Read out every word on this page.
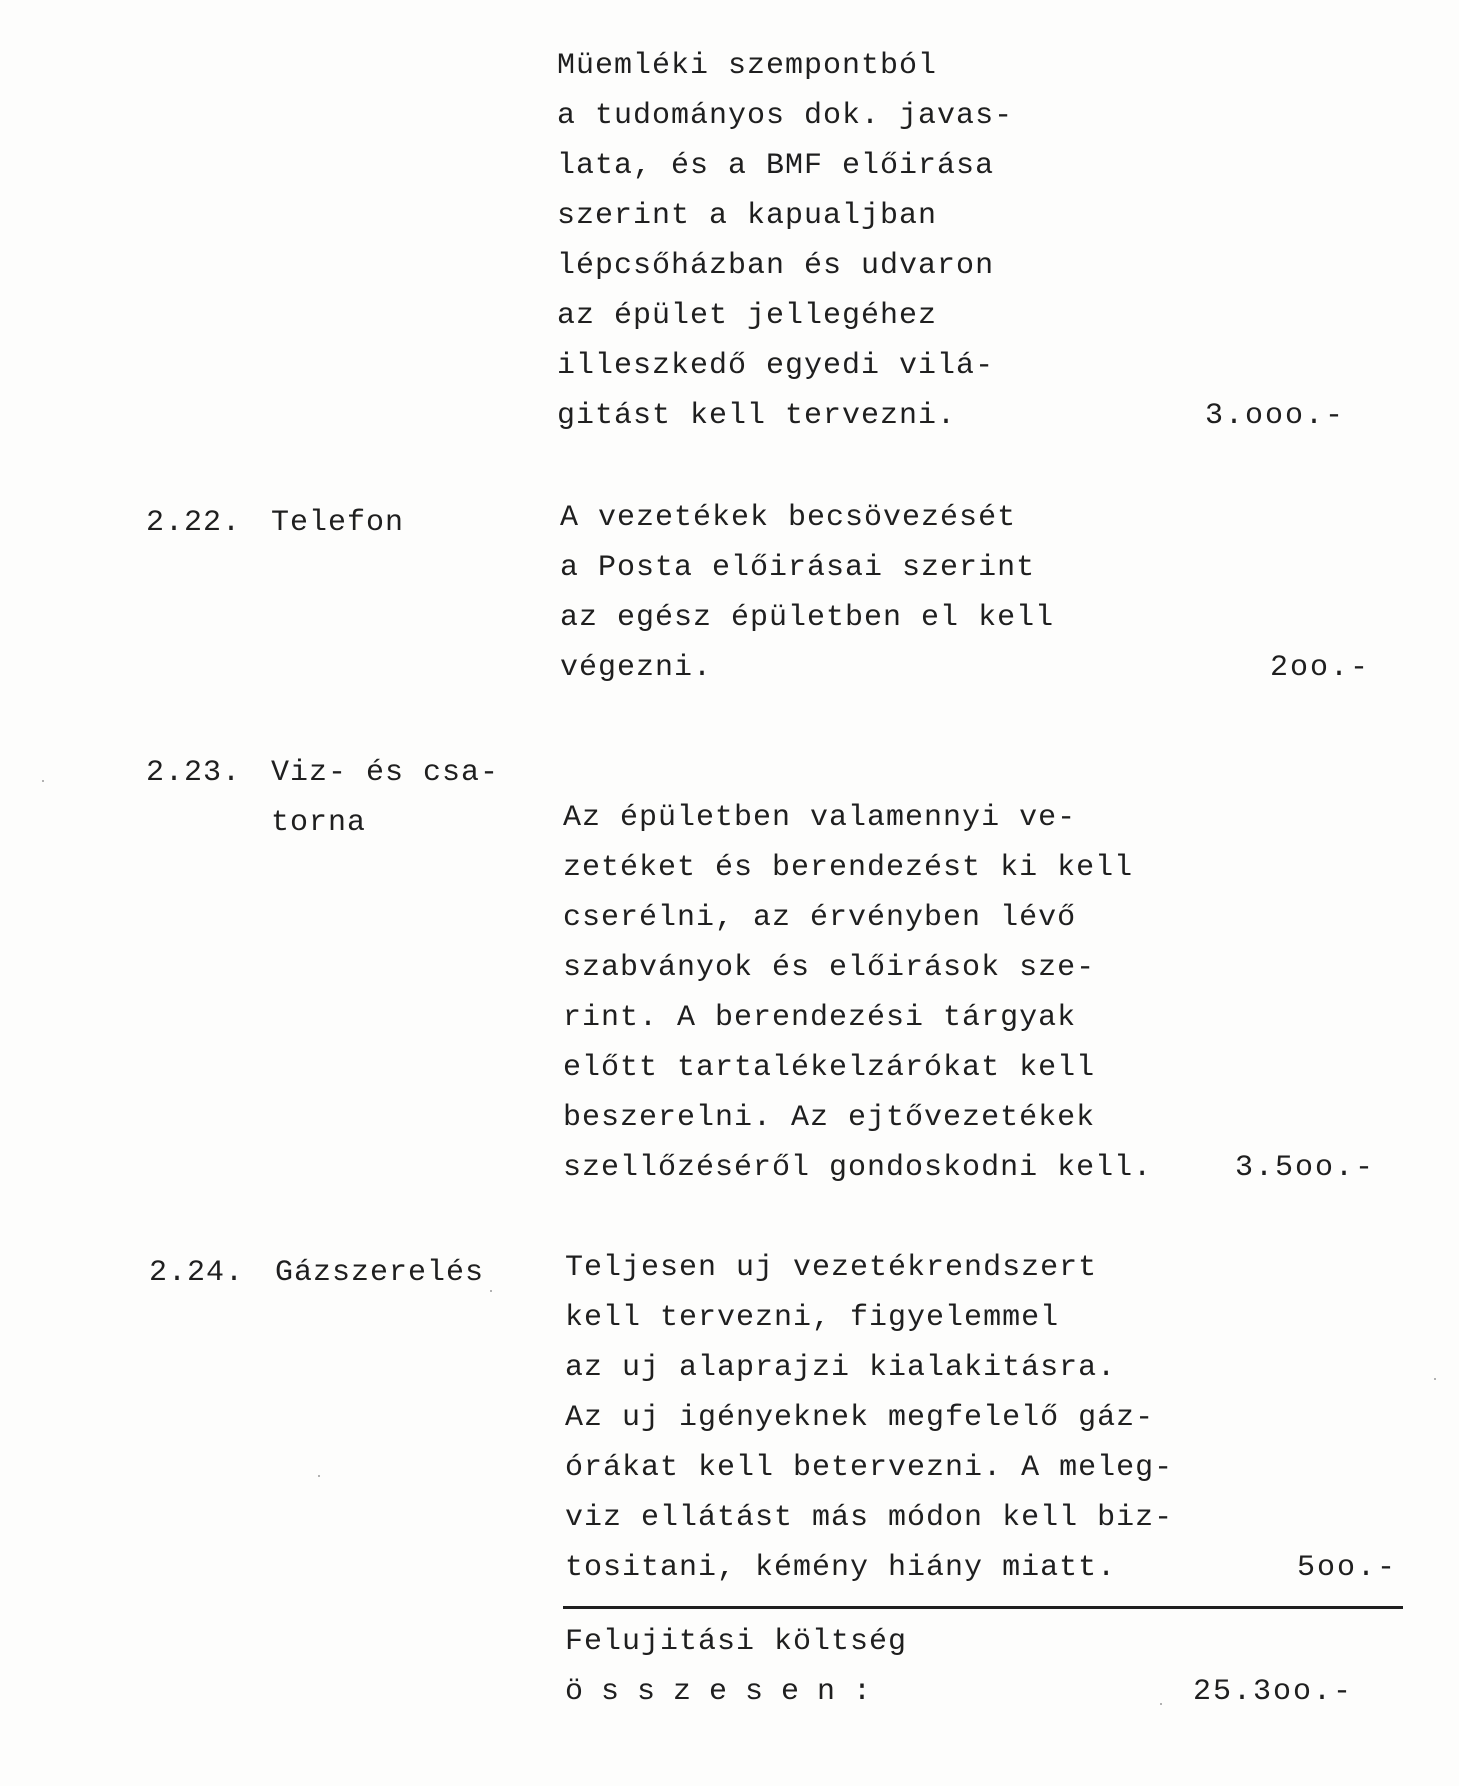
Müemléki szempontból
a tudományos dok. javas-
lata, és a BMF előirása
szerint a kapualjban
lépcsőházban és udvaron
az épület jellegéhez
illeszkedő egyedi vilá-
gitást kell tervezni.	3.ooo.-
2.22. Telefon	A vezetékek becsövezését
a Posta előirásai szerint
az egész épületben el kell
végezni.	2oo.-
2.23. Viz- és csa-
torna	Az épületben valamennyi ve-
zetéket és berendezést ki kell
cserélni, az érvényben lévő
szabványok és előirások sze-
rint. A berendezési tárgyak
előtt tartalékelzárókat kell
beszerelni. Az ejtővezetékek
szellőzéséről gondoskodni kell.	3.5oo.-
2.24. Gázszerelés	Teljesen uj vezetékrendszert
kell tervezni, figyelemmel
az uj alaprajzi kialakitásra.
Az uj igényeknek megfelelő gáz-
órákat kell betervezni. A meleg-
viz ellátást más módon kell biz-
tositani, kémény hiány miatt.	5oo.-
Felujitási költség
összesen:	25.3oo.-
